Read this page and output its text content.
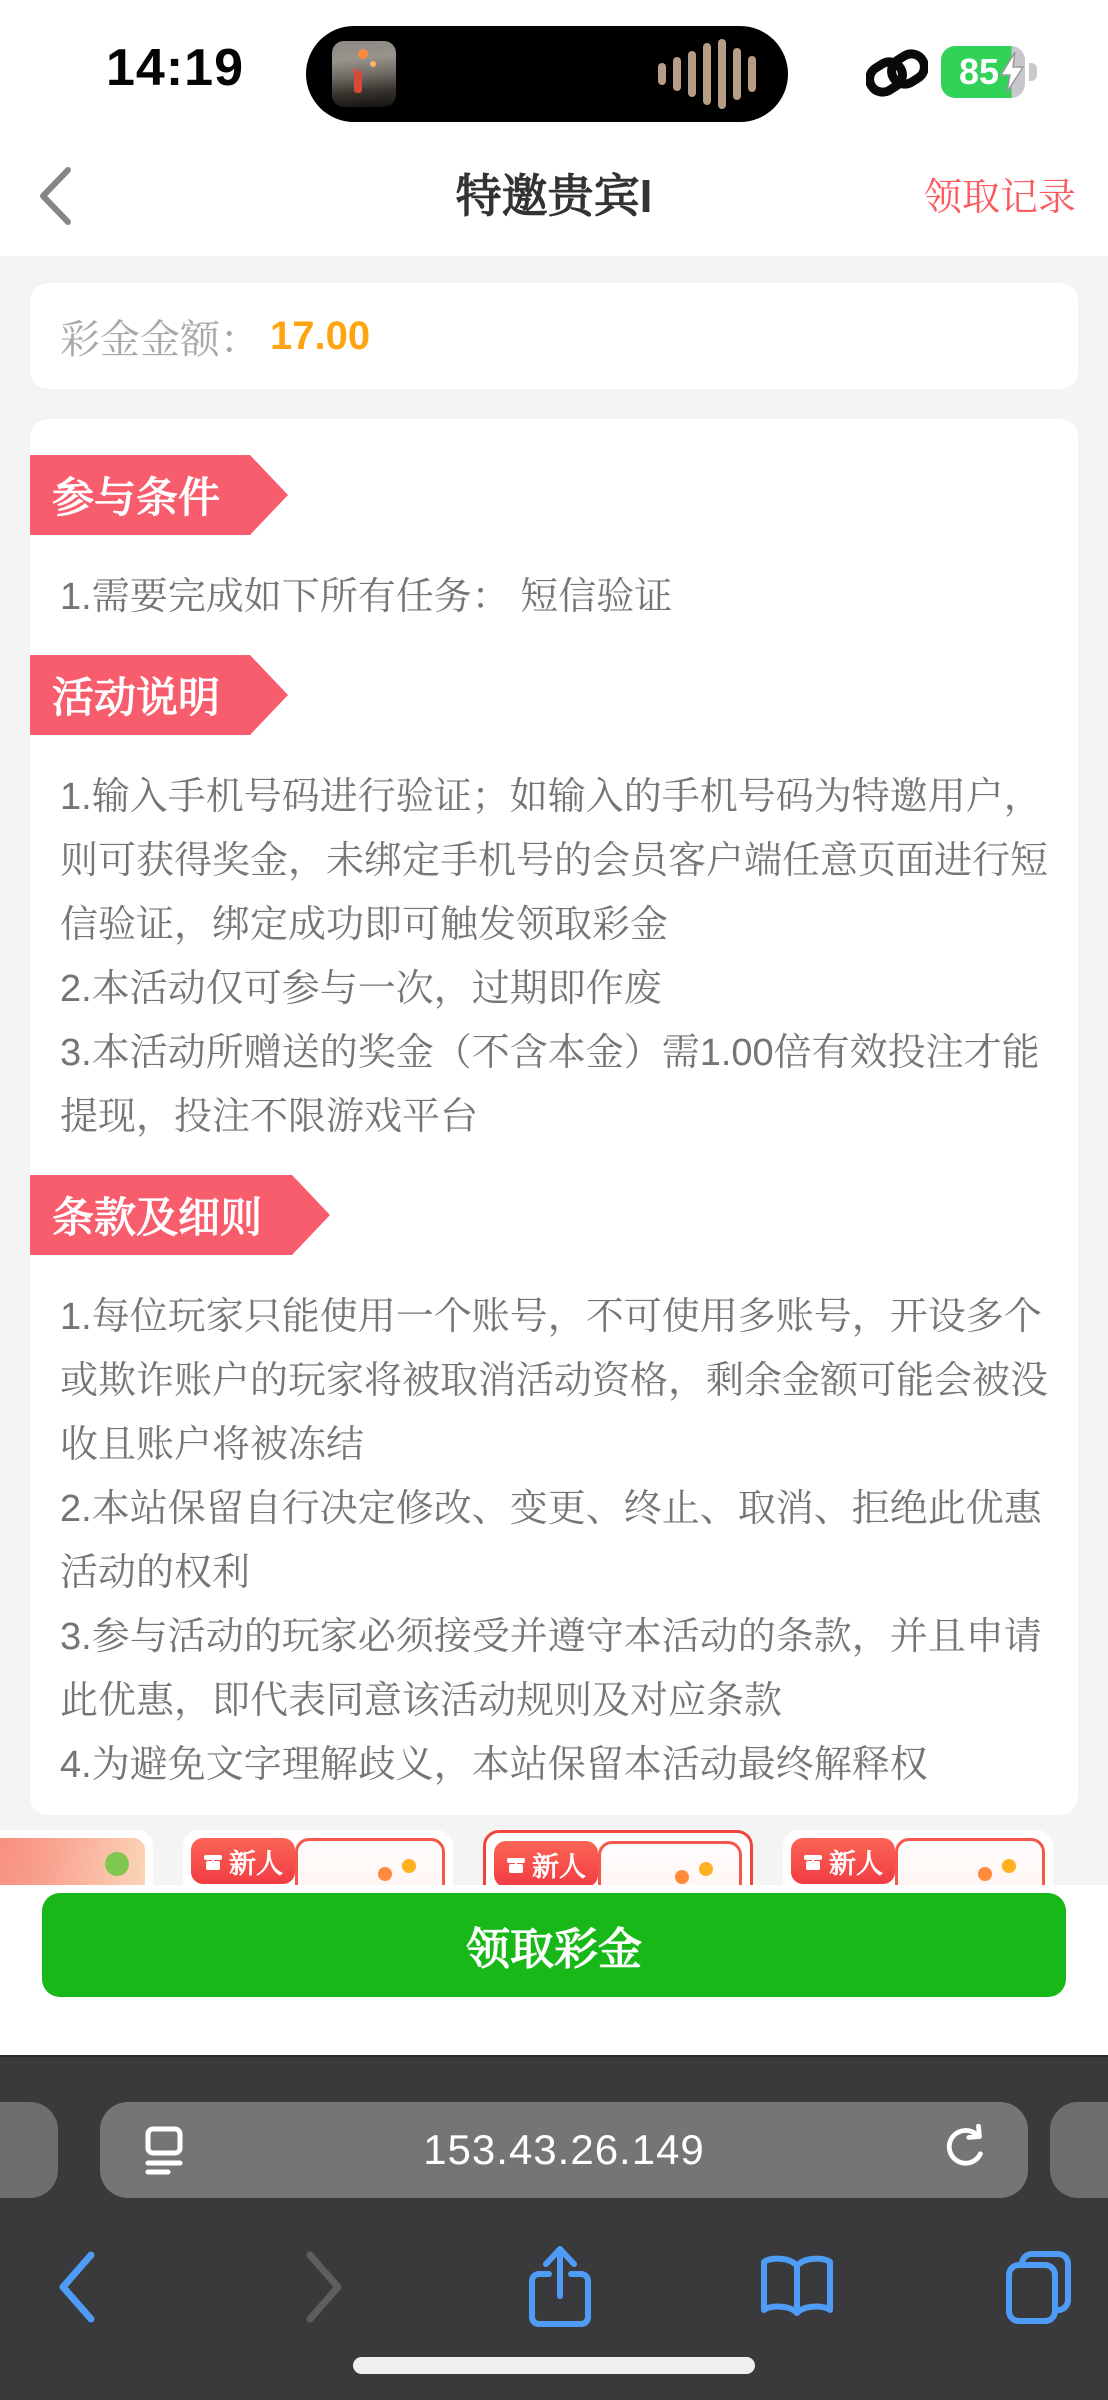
14:19	85
特邀贵宾I	领取记录
彩金金额： 17.00
参与条件

1.需要完成如下所有任务： 短信验证

活动说明

1.输入手机号码进行验证；如输入的手机号码为特邀用户，则可获得奖金，未绑定手机号的会员客户端任意页面进行短信验证，绑定成功即可触发领取彩金

2.本活动仅可参与一次，过期即作废

3.本活动所赠送的奖金（不含本金）需1.00倍有效投注才能提现，投注不限游戏平台

条款及细则

1.每位玩家只能使用一个账号，不可使用多账号，开设多个或欺诈账户的玩家将被取消活动资格，剩余金额可能会被没收且账户将被冻结

2.本站保留自行决定修改、变更、终止、取消、拒绝此优惠活动的权利

3.参与活动的玩家必须接受并遵守本活动的条款，并且申请此优惠，即代表同意该活动规则及对应条款

4.为避免文字理解歧义，本站保留本活动最终解释权

新人	新人	新人
领取彩金
153.43.26.149
